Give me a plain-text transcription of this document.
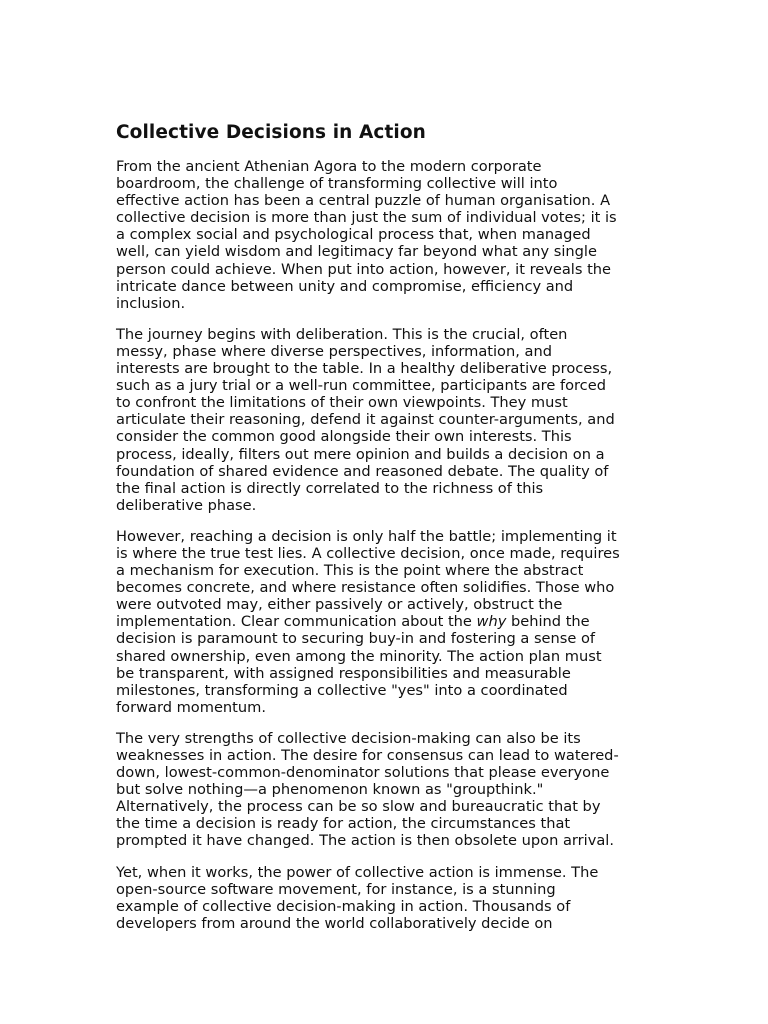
Collective Decisions in Action

From the ancient Athenian Agora to the modern corporate
boardroom, the challenge of transforming collective will into
effective action has been a central puzzle of human organisation. A
collective decision is more than just the sum of individual votes; it is
a complex social and psychological process that, when managed
well, can yield wisdom and legitimacy far beyond what any single
person could achieve. When put into action, however, it reveals the
intricate dance between unity and compromise, efficiency and
inclusion.

The journey begins with deliberation. This is the crucial, often
messy, phase where diverse perspectives, information, and
interests are brought to the table. In a healthy deliberative process,
such as a jury trial or a well-run committee, participants are forced
to confront the limitations of their own viewpoints. They must
articulate their reasoning, defend it against counter-arguments, and
consider the common good alongside their own interests. This
process, ideally, filters out mere opinion and builds a decision on a
foundation of shared evidence and reasoned debate. The quality of
the final action is directly correlated to the richness of this
deliberative phase.

However, reaching a decision is only half the battle; implementing it
is where the true test lies. A collective decision, once made, requires
a mechanism for execution. This is the point where the abstract
becomes concrete, and where resistance often solidifies. Those who
were outvoted may, either passively or actively, obstruct the
implementation. Clear communication about the why behind the
decision is paramount to securing buy-in and fostering a sense of
shared ownership, even among the minority. The action plan must
be transparent, with assigned responsibilities and measurable
milestones, transforming a collective "yes" into a coordinated
forward momentum.

The very strengths of collective decision-making can also be its
weaknesses in action. The desire for consensus can lead to watered-
down, lowest-common-denominator solutions that please everyone
but solve nothing—a phenomenon known as "groupthink."
Alternatively, the process can be so slow and bureaucratic that by
the time a decision is ready for action, the circumstances that
prompted it have changed. The action is then obsolete upon arrival.

Yet, when it works, the power of collective action is immense. The
open-source software movement, for instance, is a stunning
example of collective decision-making in action. Thousands of
developers from around the world collaboratively decide on
